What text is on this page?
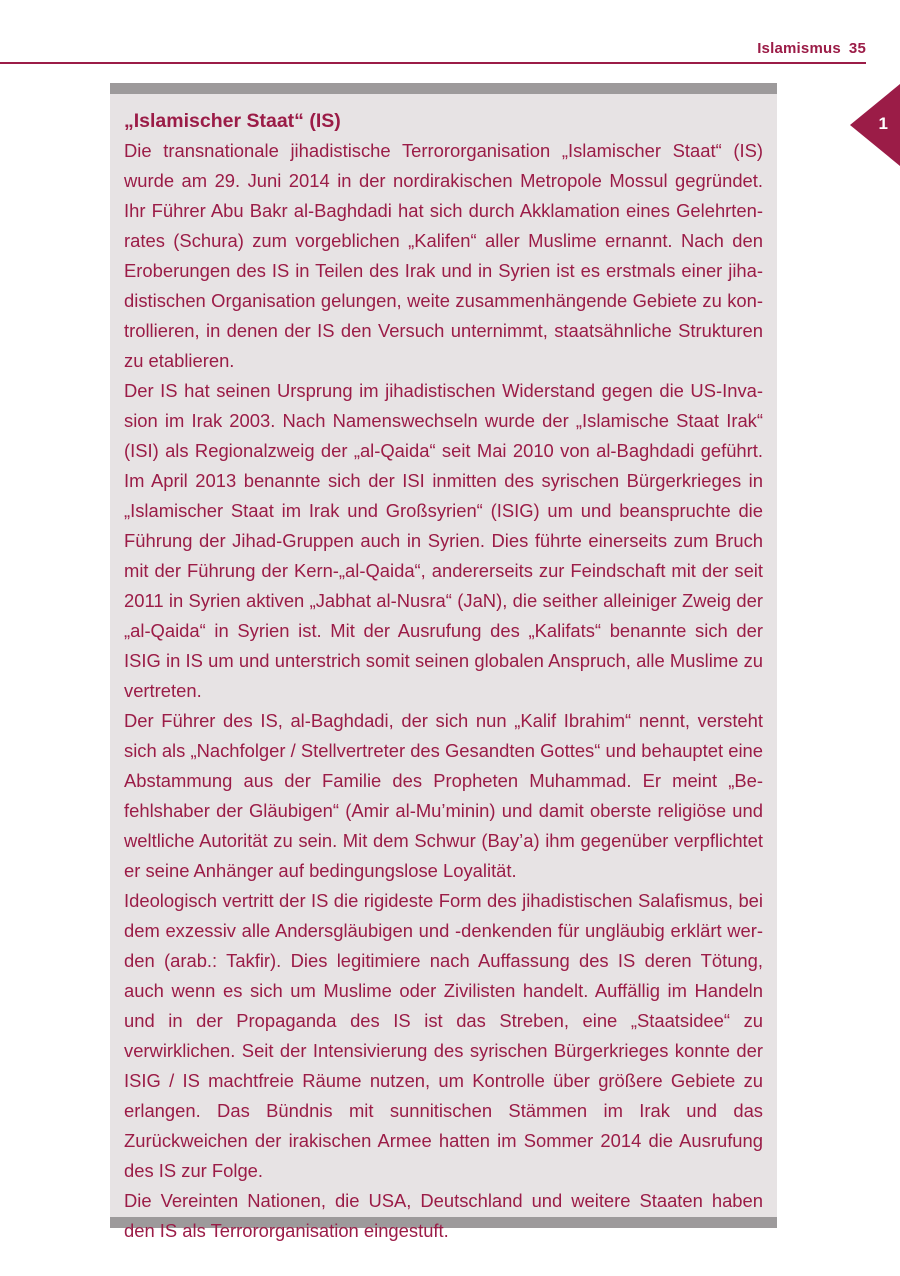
Islamismus 35
1

„Islamischer Staat“ (IS)

Die transnationale jihadistische Terrororganisation „Islamischer Staat“ (IS) wurde am 29. Juni 2014 in der nordirakischen Metropole Mossul gegründet. Ihr Führer Abu Bakr al-Baghdadi hat sich durch Akklamation eines Gelehrtenrates (Schura) zum vorgeblichen „Kalifen“ aller Muslime ernannt. Nach den Eroberungen des IS in Teilen des Irak und in Syrien ist es erstmals einer jihadistischen Organisation gelungen, weite zusammenhängende Gebiete zu kontrollieren, in denen der IS den Versuch unternimmt, staatsähnliche Strukturen zu etablieren.

Der IS hat seinen Ursprung im jihadistischen Widerstand gegen die US-Invasion im Irak 2003. Nach Namenswechseln wurde der „Islamische Staat Irak“ (ISI) als Regionalzweig der „al-Qaida“ seit Mai 2010 von al-Baghdadi geführt. Im April 2013 benannte sich der ISI inmitten des syrischen Bürgerkrieges in „Islamischer Staat im Irak und Großsyrien“ (ISIG) um und beanspruchte die Führung der Jihad-Gruppen auch in Syrien. Dies führte einerseits zum Bruch mit der Führung der Kern-„al-Qaida“, andererseits zur Feindschaft mit der seit 2011 in Syrien aktiven „Jabhat al-Nusra“ (JaN), die seither alleiniger Zweig der „al-Qaida“ in Syrien ist. Mit der Ausrufung des „Kalifats“ benannte sich der ISIG in IS um und unterstrich somit seinen globalen Anspruch, alle Muslime zu vertreten.

Der Führer des IS, al-Baghdadi, der sich nun „Kalif Ibrahim“ nennt, versteht sich als „Nachfolger / Stellvertreter des Gesandten Gottes“ und behauptet eine Abstammung aus der Familie des Propheten Muhammad. Er meint „Befehlshaber der Gläubigen“ (Amir al-Mu’minin) und damit oberste religiöse und weltliche Autorität zu sein. Mit dem Schwur (Bay’a) ihm gegenüber verpflichtet er seine Anhänger auf bedingungslose Loyalität.

Ideologisch vertritt der IS die rigideste Form des jihadistischen Salafismus, bei dem exzessiv alle Andersgläubigen und -denkenden für ungläubig erklärt werden (arab.: Takfir). Dies legitimiere nach Auffassung des IS deren Tötung, auch wenn es sich um Muslime oder Zivilisten handelt. Auffällig im Handeln und in der Propaganda des IS ist das Streben, eine „Staatsidee“ zu verwirklichen. Seit der Intensivierung des syrischen Bürgerkrieges konnte der ISIG / IS machtfreie Räume nutzen, um Kontrolle über größere Gebiete zu erlangen. Das Bündnis mit sunnitischen Stämmen im Irak und das Zurückweichen der irakischen Armee hatten im Sommer 2014 die Ausrufung des IS zur Folge.

Die Vereinten Nationen, die USA, Deutschland und weitere Staaten haben den IS als Terrororganisation eingestuft.
